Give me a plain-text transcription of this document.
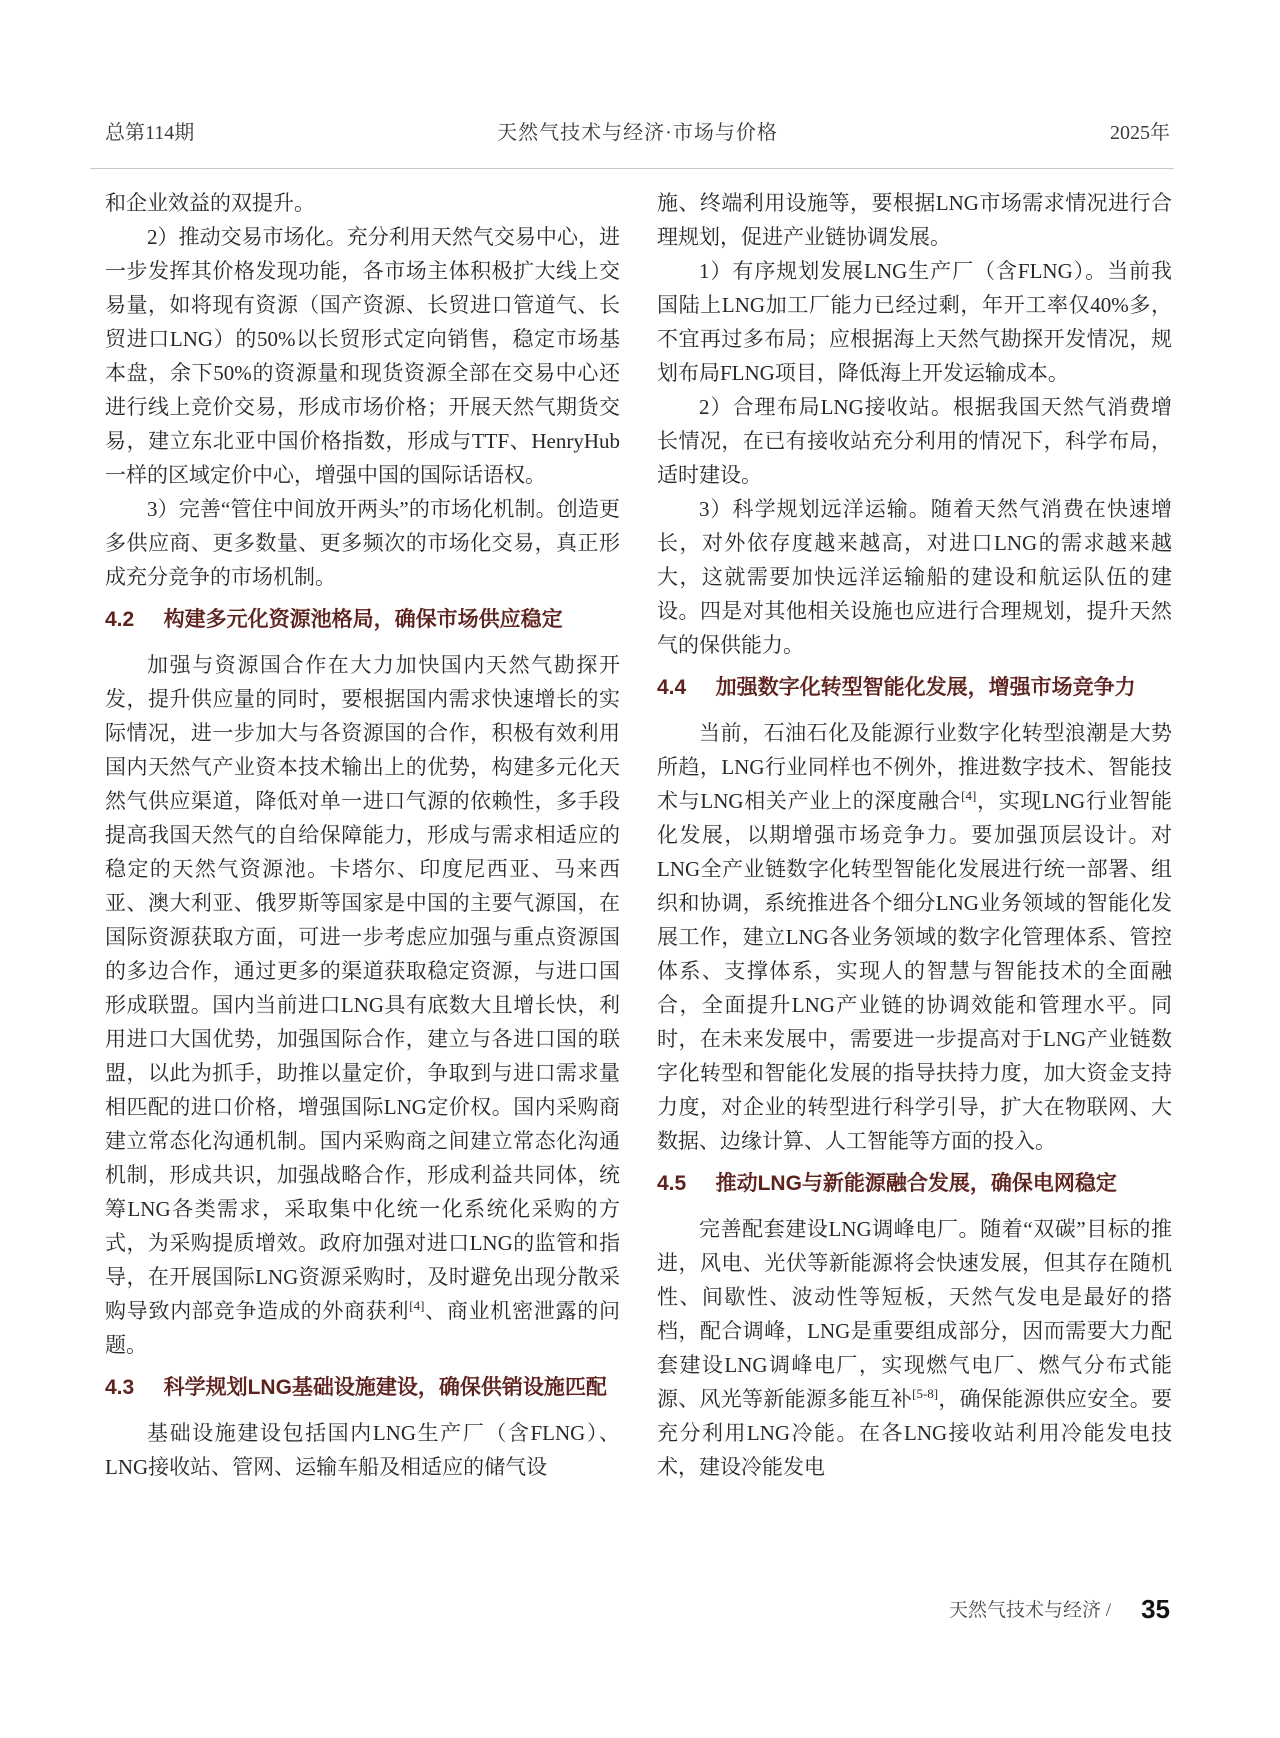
总第114期	天然气技术与经济·市场与价格	2025年

和企业效益的双提升。

2）推动交易市场化。充分利用天然气交易中心，进一步发挥其价格发现功能，各市场主体积极扩大线上交易量，如将现有资源（国产资源、长贸进口管道气、长贸进口LNG）的50%以长贸形式定向销售，稳定市场基本盘，余下50%的资源量和现货资源全部在交易中心还进行线上竞价交易，形成市场价格；开展天然气期货交易，建立东北亚中国价格指数，形成与TTF、HenryHub一样的区域定价中心，增强中国的国际话语权。

3）完善“管住中间放开两头”的市场化机制。创造更多供应商、更多数量、更多频次的市场化交易，真正形成充分竞争的市场机制。

4.2 构建多元化资源池格局，确保市场供应稳定

加强与资源国合作在大力加快国内天然气勘探开发，提升供应量的同时，要根据国内需求快速增长的实际情况，进一步加大与各资源国的合作，积极有效利用国内天然气产业资本技术输出上的优势，构建多元化天然气供应渠道，降低对单一进口气源的依赖性，多手段提高我国天然气的自给保障能力，形成与需求相适应的稳定的天然气资源池。卡塔尔、印度尼西亚、马来西亚、澳大利亚、俄罗斯等国家是中国的主要气源国，在国际资源获取方面，可进一步考虑应加强与重点资源国的多边合作，通过更多的渠道获取稳定资源，与进口国形成联盟。国内当前进口LNG具有底数大且增长快，利用进口大国优势，加强国际合作，建立与各进口国的联盟，以此为抓手，助推以量定价，争取到与进口需求量相匹配的进口价格，增强国际LNG定价权。国内采购商建立常态化沟通机制。国内采购商之间建立常态化沟通机制，形成共识，加强战略合作，形成利益共同体，统筹LNG各类需求，采取集中化统一化系统化采购的方式，为采购提质增效。政府加强对进口LNG的监管和指导，在开展国际LNG资源采购时，及时避免出现分散采购导致内部竞争造成的外商获利[4]、商业机密泄露的问题。

4.3 科学规划LNG基础设施建设，确保供销设施匹配

基础设施建设包括国内LNG生产厂（含FLNG）、LNG接收站、管网、运输车船及相适应的储气设

施、终端利用设施等，要根据LNG市场需求情况进行合理规划，促进产业链协调发展。

1）有序规划发展LNG生产厂（含FLNG）。当前我国陆上LNG加工厂能力已经过剩，年开工率仅40%多，不宜再过多布局；应根据海上天然气勘探开发情况，规划布局FLNG项目，降低海上开发运输成本。

2）合理布局LNG接收站。根据我国天然气消费增长情况，在已有接收站充分利用的情况下，科学布局，适时建设。

3）科学规划远洋运输。随着天然气消费在快速增长，对外依存度越来越高，对进口LNG的需求越来越大，这就需要加快远洋运输船的建设和航运队伍的建设。四是对其他相关设施也应进行合理规划，提升天然气的保供能力。

4.4 加强数字化转型智能化发展，增强市场竞争力

当前，石油石化及能源行业数字化转型浪潮是大势所趋，LNG行业同样也不例外，推进数字技术、智能技术与LNG相关产业上的深度融合[4]，实现LNG行业智能化发展，以期增强市场竞争力。要加强顶层设计。对LNG全产业链数字化转型智能化发展进行统一部署、组织和协调，系统推进各个细分LNG业务领域的智能化发展工作，建立LNG各业务领域的数字化管理体系、管控体系、支撑体系，实现人的智慧与智能技术的全面融合，全面提升LNG产业链的协调效能和管理水平。同时，在未来发展中，需要进一步提高对于LNG产业链数字化转型和智能化发展的指导扶持力度，加大资金支持力度，对企业的转型进行科学引导，扩大在物联网、大数据、边缘计算、人工智能等方面的投入。

4.5 推动LNG与新能源融合发展，确保电网稳定

完善配套建设LNG调峰电厂。随着“双碳”目标的推进，风电、光伏等新能源将会快速发展，但其存在随机性、间歇性、波动性等短板，天然气发电是最好的搭档，配合调峰，LNG是重要组成部分，因而需要大力配套建设LNG调峰电厂，实现燃气电厂、燃气分布式能源、风光等新能源多能互补[5-8]，确保能源供应安全。要充分利用LNG冷能。在各LNG接收站利用冷能发电技术，建设冷能发电

天然气技术与经济 / 35
